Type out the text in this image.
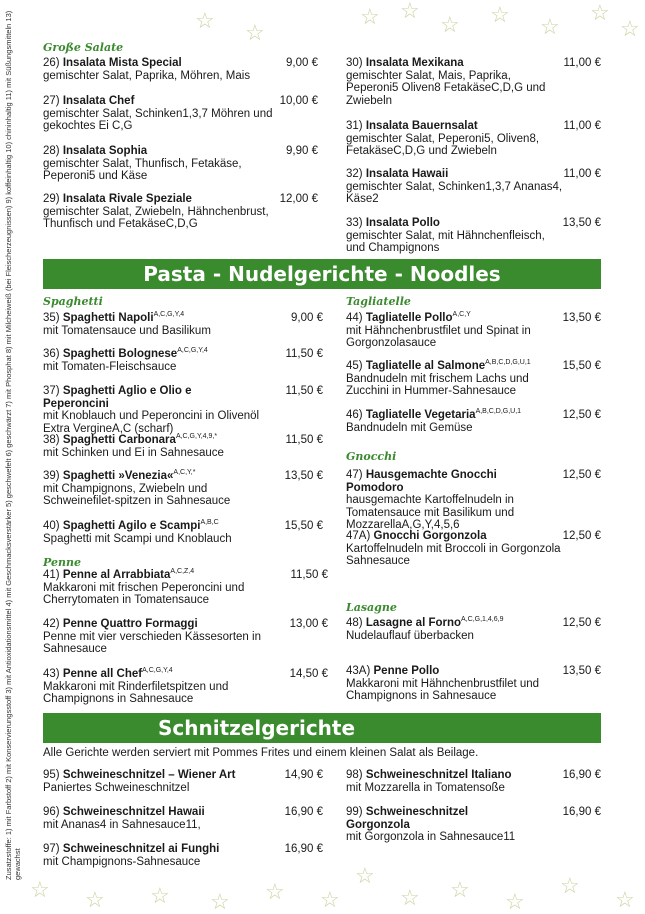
☆ ☆
☆ ☆
☆ ☆ ☆
☆
☆
☆ ☆ ☆ ☆ ☆ ☆
☆
☆ ☆ ☆
☆
☆
Zusatzstoffe: 1) mit Farbstoff 2) mit Konservierungsstoff 3) mit Antioxidationsmittel 4) mit Geschmacksverstärker 5) geschwefelt 6) geschwärzt 7) mit Phosphat 8) mit Milcheiweiß (bei Fleischerzeugnissen) 9) koffeinhaltig 10) chininhaltig 11) mit Süßungsmitteln 13) gewachst
Große Salate
26) Insalata Mista Special	9,00 €
gemischter Salat, Paprika, Möhren, Mais
27) Insalata Chef	10,00 €
gemischter Salat, Schinken1,3,7 Möhren und gekochtes Ei C,G
28) Insalata Sophia	9,90 €
gemischter Salat, Thunfisch, Fetakäse, Peperoni5 und Käse
29) Insalata Rivale Speziale	12,00 €
gemischter Salat, Zwiebeln, Hähnchenbrust, Thunfisch und FetakäseC,D,G
30) Insalata Mexikana	11,00 €
gemischter Salat, Mais, Paprika, Peperoni5 Oliven8 FetakäseC,D,G und Zwiebeln
31) Insalata Bauernsalat	11,00 €
gemischter Salat, Peperoni5, Oliven8, FetakäseC,D,G und Zwiebeln
32) Insalata Hawaii	11,00 €
gemischter Salat, Schinken1,3,7 Ananas4, Käse2
33) Insalata Pollo	13,50 €
gemischter Salat, mit Hähnchenfleisch, und Champignons
Pasta - Nudelgerichte - Noodles
Spaghetti
35) Spaghetti Napoli$^{A,C,G,Y,4}$	9,00 €
mit Tomatensauce und Basilikum
36) Spaghetti Bolognese$^{A,C,G,Y,4}$	11,50 €
mit Tomaten-Fleischsauce
37) Spaghetti Aglio e Olio e Peperoncini
11,50 €
mit Knoblauch und Peperoncini in Olivenöl Extra VergineA,C (scharf)
38) Spaghetti Carbonara$^{A,C,G,Y,4,9,*}$	11,50 €
mit Schinken und Ei in Sahnesauce
39) Spaghetti »Venezia«$^{A,C,Y,*}$	13,50 €
mit Champignons, Zwiebeln und Schweinefilet-spitzen in Sahnesauce
40) Spaghetti Agilo e Scampi$^{A,B,C}$	15,50 €
Spaghetti mit Scampi und Knoblauch
Penne
41) Penne al Arrabbiata$^{A,C,Z,4}$	11,50 €
Makkaroni mit frischen Peperoncini und Cherrytomaten in Tomatensauce
42) Penne Quattro Formaggi	13,00 €
Penne mit vier verschieden Kässesorten in Sahnesauce
43) Penne all Chef$^{A,C,G,Y,4}$	14,50 €
Makkaroni mit Rinderfiletspitzen und Champignons in Sahnesauce
Tagliatelle
44) Tagliatelle Pollo$^{A,C,Y}$	13,50 €
mit Hähnchenbrustfilet und Spinat in Gorgonzolasauce
45) Tagliatelle al Salmone$^{A,B,C,D,G,U,1}$	15,50 €
Bandnudeln mit frischem Lachs und Zucchini in Hummer-Sahnesauce
46) Tagliatelle Vegetaria$^{A,B,C,D,G,U,1}$	12,50 €
Bandnudeln mit Gemüse
Gnocchi
47) Hausgemachte Gnocchi Pomodoro
12,50 €
hausgemachte Kartoffelnudeln in Tomatensauce mit Basilikum und MozzarellaA,G,Y,4,5,6
47A) Gnocchi Gorgonzola	12,50 €
Kartoffelnudeln mit Broccoli in Gorgonzola Sahnesauce
Lasagne
48) Lasagne al Forno$^{A,C,G,1,4,6,9}$	12,50 €
Nudelauflauf überbacken
43A) Penne Pollo	13,50 €
Makkaroni mit Hähnchenbrustfilet und Champignons in Sahnesauce
Schnitzelgerichte
Alle Gerichte werden serviert mit Pommes Frites und einem kleinen Salat als Beilage.
95) Schweineschnitzel – Wiener Art	14,90 €
Paniertes Schweineschnitzel
96) Schweineschnitzel Hawaii	16,90 €
mit Ananas4 in Sahnesauce11,
97) Schweineschnitzel ai Funghi	16,90 €
mit Champignons-Sahnesauce
98) Schweineschnitzel Italiano	16,90 €
mit Mozzarella in Tomatensoße
99) Schweineschnitzel Gorgonzola
16,90 €
mit Gorgonzola in Sahnesauce11
